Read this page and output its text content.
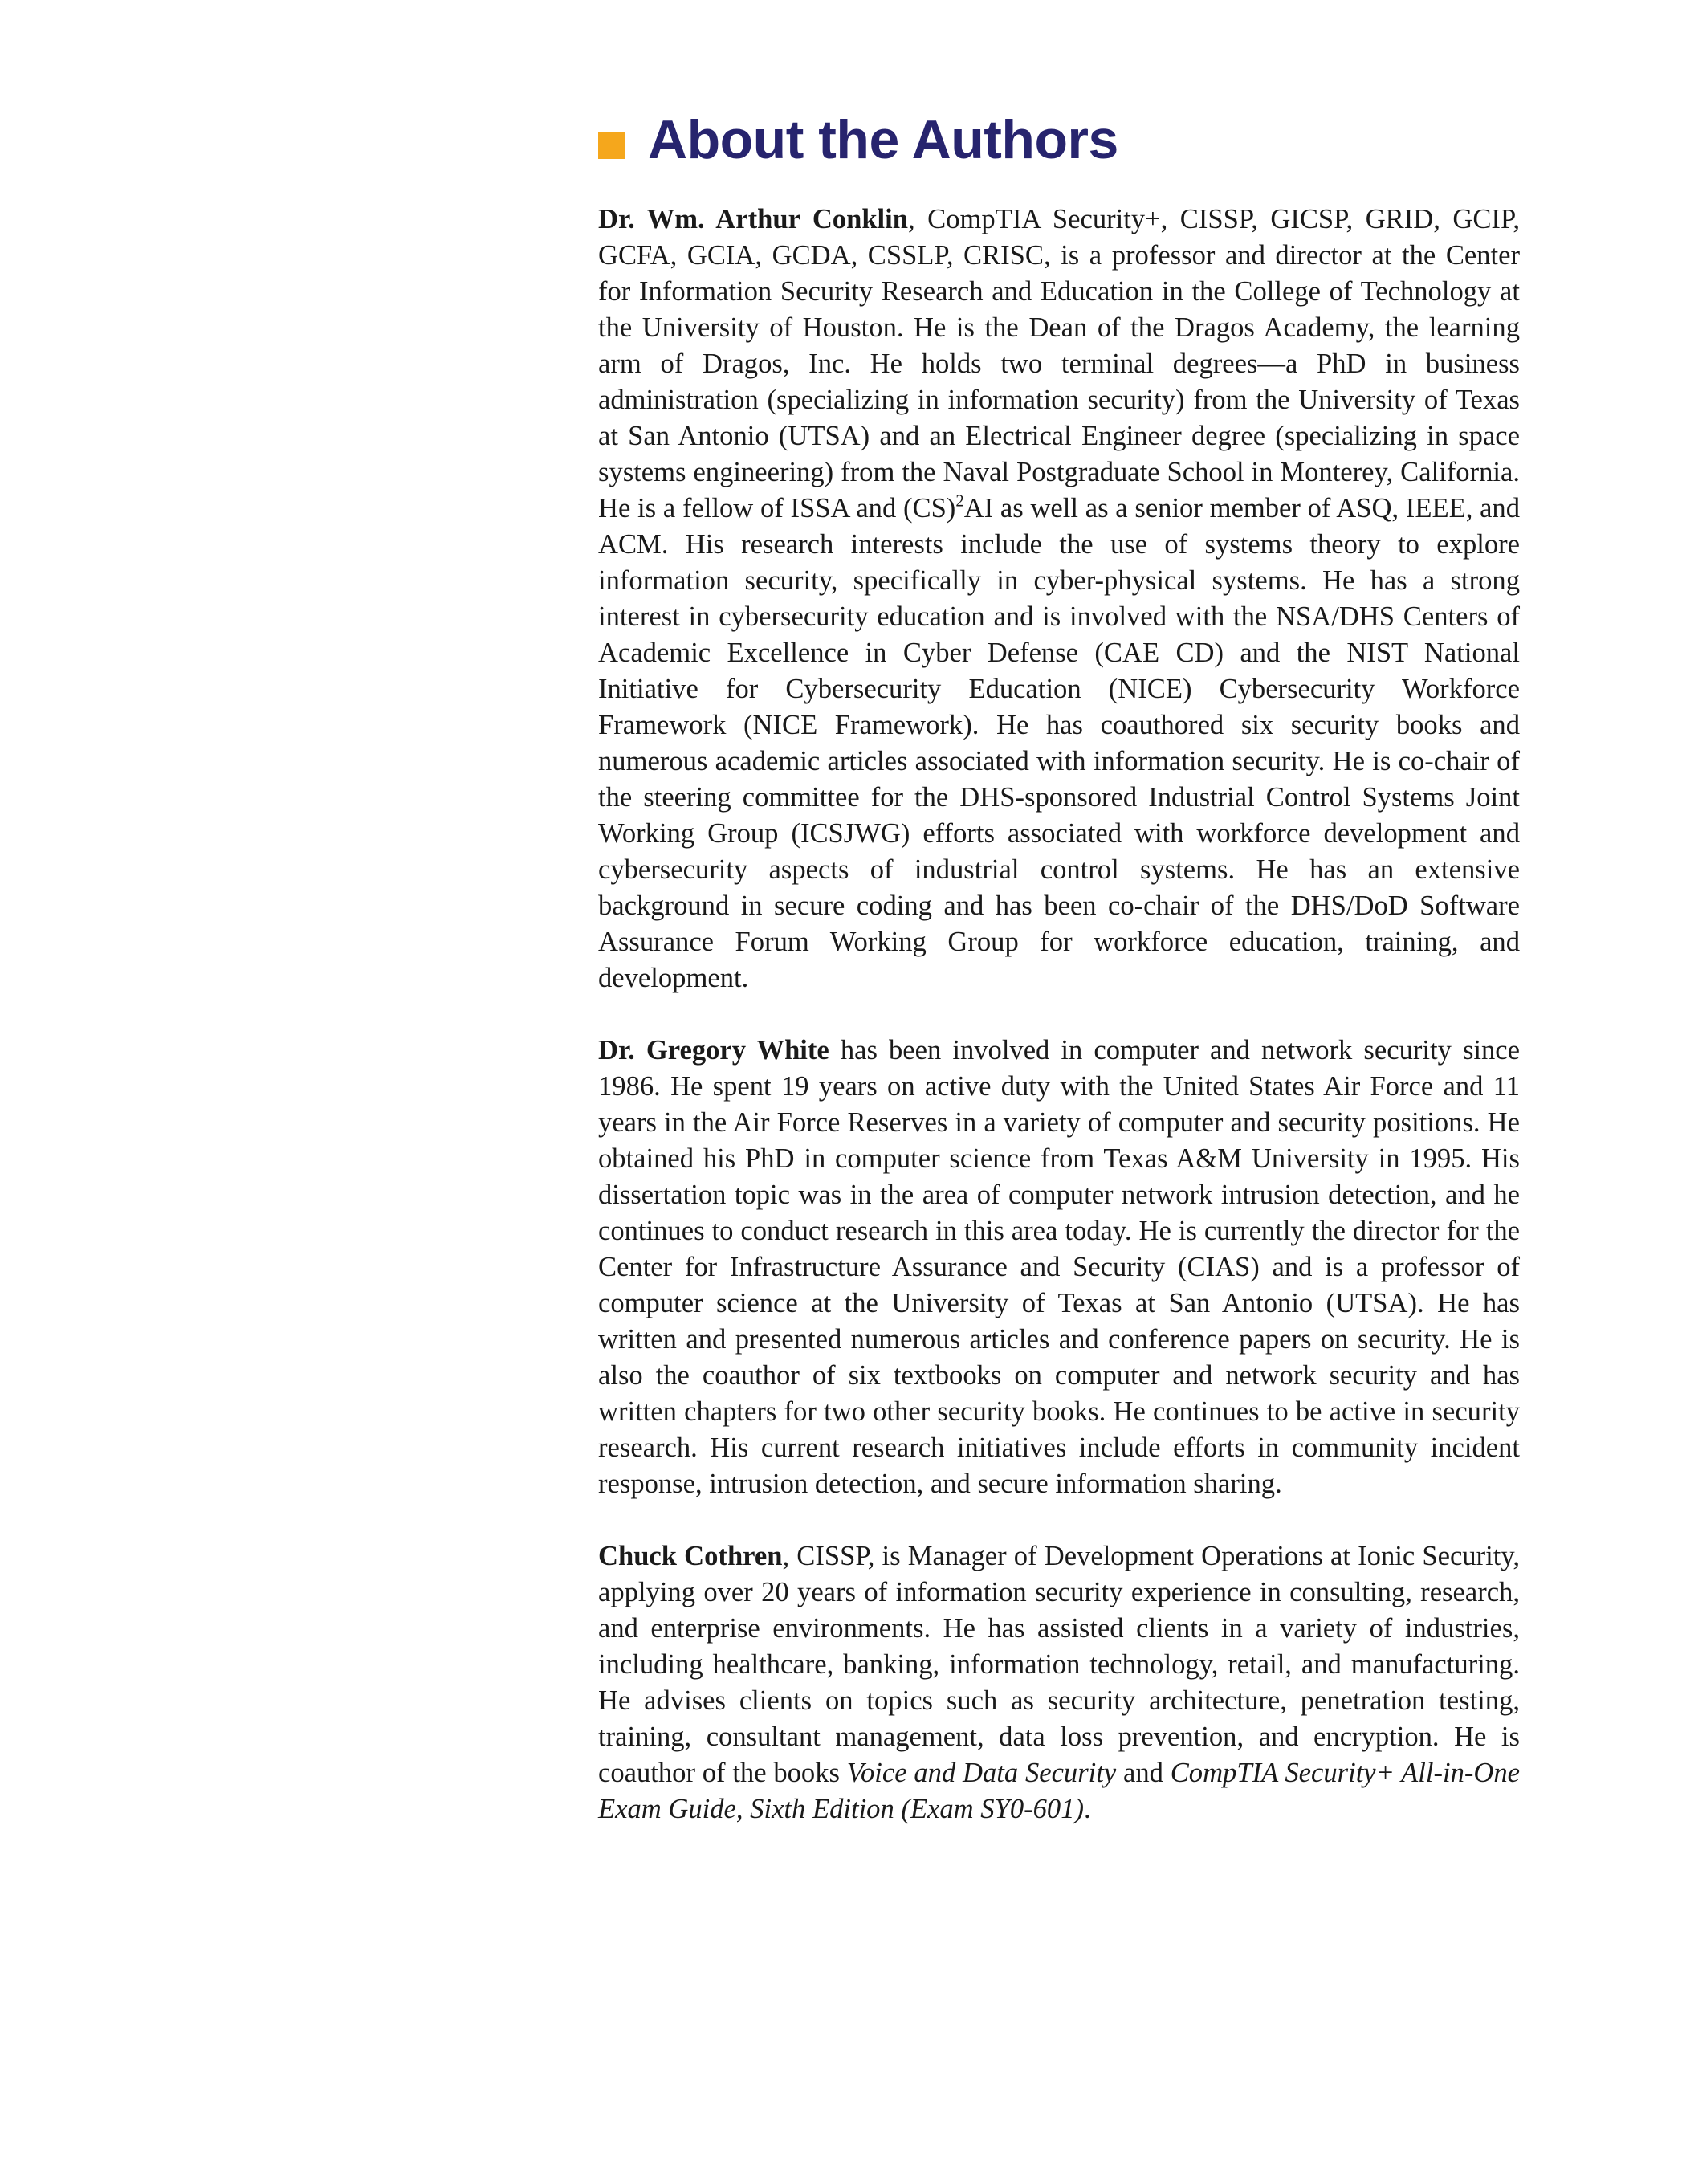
About the Authors

Dr. Wm. Arthur Conklin, CompTIA Security+, CISSP, GICSP, GRID, GCIP, GCFA, GCIA, GCDA, CSSLP, CRISC, is a professor and director at the Center for Information Security Research and Education in the College of Technology at the University of Houston. He is the Dean of the Dragos Academy, the learning arm of Dragos, Inc. He holds two terminal degrees—a PhD in business administration (specializing in information security) from the University of Texas at San Antonio (UTSA) and an Electrical Engineer degree (specializing in space systems engineering) from the Naval Postgraduate School in Monterey, California. He is a fellow of ISSA and (CS)$^2$AI as well as a senior member of ASQ, IEEE, and ACM. His research interests include the use of systems theory to explore information security, specifically in cyber-physical systems. He has a strong interest in cybersecurity education and is involved with the NSA/DHS Centers of Academic Excellence in Cyber Defense (CAE CD) and the NIST National Initiative for Cybersecurity Education (NICE) Cybersecurity Workforce Framework (NICE Framework). He has coauthored six security books and numerous academic articles associated with information security. He is co-chair of the steering committee for the DHS-sponsored Industrial Control Systems Joint Working Group (ICSJWG) efforts associated with workforce development and cybersecurity aspects of industrial control systems. He has an extensive background in secure coding and has been co-chair of the DHS/DoD Software Assurance Forum Working Group for workforce education, training, and development.

Dr. Gregory White has been involved in computer and network security since 1986. He spent 19 years on active duty with the United States Air Force and 11 years in the Air Force Reserves in a variety of computer and security positions. He obtained his PhD in computer science from Texas A&M University in 1995. His dissertation topic was in the area of computer network intrusion detection, and he continues to conduct research in this area today. He is currently the director for the Center for Infrastructure Assurance and Security (CIAS) and is a professor of computer science at the University of Texas at San Antonio (UTSA). He has written and presented numerous articles and conference papers on security. He is also the coauthor of six textbooks on computer and network security and has written chapters for two other security books. He continues to be active in security research. His current research initiatives include efforts in community incident response, intrusion detection, and secure information sharing.

Chuck Cothren, CISSP, is Manager of Development Operations at Ionic Security, applying over 20 years of information security experience in consulting, research, and enterprise environments. He has assisted clients in a variety of industries, including healthcare, banking, information technology, retail, and manufacturing. He advises clients on topics such as security architecture, penetration testing, training, consultant management, data loss prevention, and encryption. He is coauthor of the books Voice and Data Security and CompTIA Security+ All-in-One Exam Guide, Sixth Edition (Exam SY0-601).
